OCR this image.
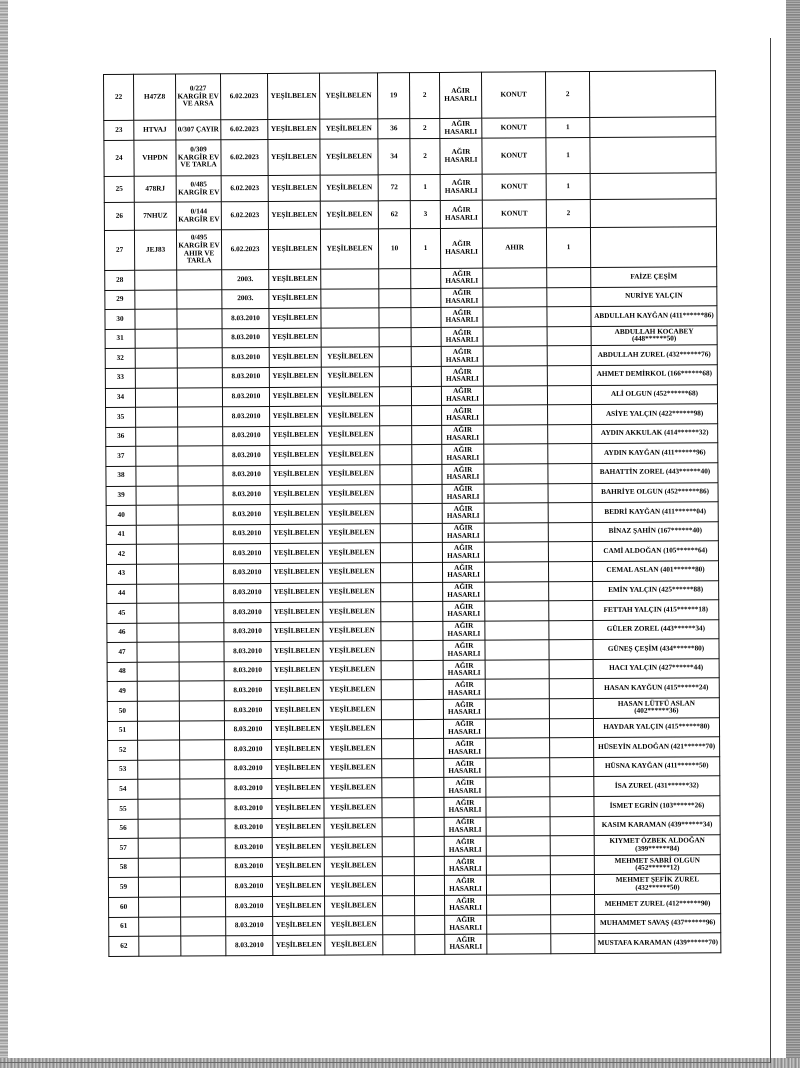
22	H47Z8	0/227 KARGİR EV VE ARSA	6.02.2023	YEŞİLBELEN	YEŞİLBELEN	19	2	AĞIR HASARLI	KONUT	2	
23	HTVAJ	0/307 ÇAYIR	6.02.2023	YEŞİLBELEN	YEŞİLBELEN	36	2	AĞIR HASARLI	KONUT	1	
24	VHPDN	0/309 KARGİR EV VE TARLA	6.02.2023	YEŞİLBELEN	YEŞİLBELEN	34	2	AĞIR HASARLI	KONUT	1	
25	478RJ	0/485 KARGİR EV	6.02.2023	YEŞİLBELEN	YEŞİLBELEN	72	1	AĞIR HASARLI	KONUT	1	
26	7NHUZ	0/144 KARGİR EV	6.02.2023	YEŞİLBELEN	YEŞİLBELEN	62	3	AĞIR HASARLI	KONUT	2	
27	JEJ83	0/495 KARGİR EV AHIR VE TARLA	6.02.2023	YEŞİLBELEN	YEŞİLBELEN	10	1	AĞIR HASARLI	AHIR	1	
28			2003.	YEŞİLBELEN				AĞIR HASARLI			FAİZE ÇEŞİM
29			2003.	YEŞİLBELEN				AĞIR HASARLI			NURİYE YALÇIN
30			8.03.2010	YEŞİLBELEN				AĞIR HASARLI			ABDULLAH KAYĞAN (411******86)
31			8.03.2010	YEŞİLBELEN				AĞIR HASARLI			ABDULLAH KOCABEY (448******50)
32			8.03.2010	YEŞİLBELEN	YEŞİLBELEN			AĞIR HASARLI			ABDULLAH ZUREL (432******76)
33			8.03.2010	YEŞİLBELEN	YEŞİLBELEN			AĞIR HASARLI			AHMET DEMİRKOL (166******68)
34			8.03.2010	YEŞİLBELEN	YEŞİLBELEN			AĞIR HASARLI			ALİ OLGUN (452******68)
35			8.03.2010	YEŞİLBELEN	YEŞİLBELEN			AĞIR HASARLI			ASİYE YALÇIN (422******98)
36			8.03.2010	YEŞİLBELEN	YEŞİLBELEN			AĞIR HASARLI			AYDIN AKKULAK (414******32)
37			8.03.2010	YEŞİLBELEN	YEŞİLBELEN			AĞIR HASARLI			AYDIN KAYĞAN (411******96)
38			8.03.2010	YEŞİLBELEN	YEŞİLBELEN			AĞIR HASARLI			BAHATTİN ZOREL (443******40)
39			8.03.2010	YEŞİLBELEN	YEŞİLBELEN			AĞIR HASARLI			BAHRİYE OLGUN (452******86)
40			8.03.2010	YEŞİLBELEN	YEŞİLBELEN			AĞIR HASARLI			BEDRİ KAYĞAN (411******04)
41			8.03.2010	YEŞİLBELEN	YEŞİLBELEN			AĞIR HASARLI			BİNAZ ŞAHİN (167******40)
42			8.03.2010	YEŞİLBELEN	YEŞİLBELEN			AĞIR HASARLI			CAMİ ALDOĞAN (105******64)
43			8.03.2010	YEŞİLBELEN	YEŞİLBELEN			AĞIR HASARLI			CEMAL ASLAN (401******80)
44			8.03.2010	YEŞİLBELEN	YEŞİLBELEN			AĞIR HASARLI			EMİN YALÇIN (425******88)
45			8.03.2010	YEŞİLBELEN	YEŞİLBELEN			AĞIR HASARLI			FETTAH YALÇIN (415******18)
46			8.03.2010	YEŞİLBELEN	YEŞİLBELEN			AĞIR HASARLI			GÜLER ZOREL (443******34)
47			8.03.2010	YEŞİLBELEN	YEŞİLBELEN			AĞIR HASARLI			GÜNEŞ ÇEŞİM (434******80)
48			8.03.2010	YEŞİLBELEN	YEŞİLBELEN			AĞIR HASARLI			HACI YALÇIN (427******44)
49			8.03.2010	YEŞİLBELEN	YEŞİLBELEN			AĞIR HASARLI			HASAN KAYĞUN (415******24)
50			8.03.2010	YEŞİLBELEN	YEŞİLBELEN			AĞIR HASARLI			HASAN LÜTFÜ ASLAN (402******36)
51			8.03.2010	YEŞİLBELEN	YEŞİLBELEN			AĞIR HASARLI			HAYDAR YALÇIN (415******80)
52			8.03.2010	YEŞİLBELEN	YEŞİLBELEN			AĞIR HASARLI			HÜSEYİN ALDOĞAN (421******70)
53			8.03.2010	YEŞİLBELEN	YEŞİLBELEN			AĞIR HASARLI			HÜSNA KAYĞAN (411******50)
54			8.03.2010	YEŞİLBELEN	YEŞİLBELEN			AĞIR HASARLI			İSA ZUREL (431******32)
55			8.03.2010	YEŞİLBELEN	YEŞİLBELEN			AĞIR HASARLI			İSMET EGRİN (103******26)
56			8.03.2010	YEŞİLBELEN	YEŞİLBELEN			AĞIR HASARLI			KASIM KARAMAN (439******34)
57			8.03.2010	YEŞİLBELEN	YEŞİLBELEN			AĞIR HASARLI			KIYMET ÖZBEK ALDOĞAN (399******84)
58			8.03.2010	YEŞİLBELEN	YEŞİLBELEN			AĞIR HASARLI			MEHMET SABRİ OLGUN (452******12)
59			8.03.2010	YEŞİLBELEN	YEŞİLBELEN			AĞIR HASARLI			MEHMET ŞEFİK ZUREL (432******50)
60			8.03.2010	YEŞİLBELEN	YEŞİLBELEN			AĞIR HASARLI			MEHMET ZUREL (412******90)
61			8.03.2010	YEŞİLBELEN	YEŞİLBELEN			AĞIR HASARLI			MUHAMMET SAVAŞ (437******96)
62			8.03.2010	YEŞİLBELEN	YEŞİLBELEN			AĞIR HASARLI			MUSTAFA KARAMAN (439******70)
